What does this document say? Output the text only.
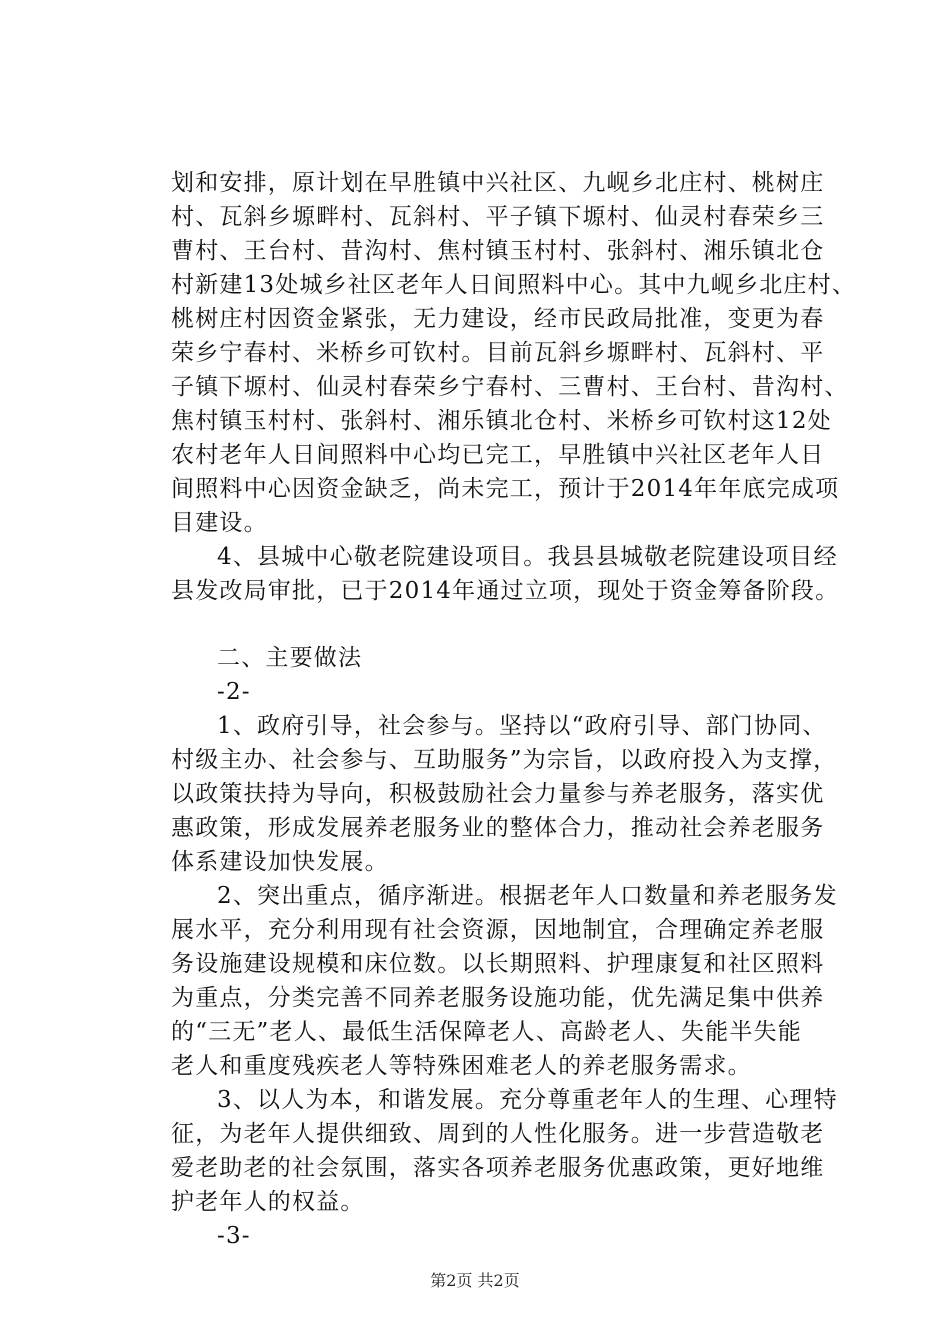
划和安排，原计划在早胜镇中兴社区、九岘乡北庄村、桃树庄
村、瓦斜乡塬畔村、瓦斜村、平子镇下塬村、仙灵村春荣乡三
曹村、王台村、昔沟村、焦村镇玉村村、张斜村、湘乐镇北仓
村新建13处城乡社区老年人日间照料中心。其中九岘乡北庄村、
桃树庄村因资金紧张，无力建设，经市民政局批准，变更为春
荣乡宁春村、米桥乡可钦村。目前瓦斜乡塬畔村、瓦斜村、平
子镇下塬村、仙灵村春荣乡宁春村、三曹村、王台村、昔沟村、
焦村镇玉村村、张斜村、湘乐镇北仓村、米桥乡可钦村这12处
农村老年人日间照料中心均已完工，早胜镇中兴社区老年人日
间照料中心因资金缺乏，尚未完工，预计于2014年年底完成项
目建设。
4、县城中心敬老院建设项目。我县县城敬老院建设项目经
县发改局审批，已于2014年通过立项，现处于资金筹备阶段。
二、主要做法
-2-
1、政府引导，社会参与。坚持以“政府引导、部门协同、
村级主办、社会参与、互助服务”为宗旨，以政府投入为支撑，
以政策扶持为导向，积极鼓励社会力量参与养老服务，落实优
惠政策，形成发展养老服务业的整体合力，推动社会养老服务
体系建设加快发展。
2、突出重点，循序渐进。根据老年人口数量和养老服务发
展水平，充分利用现有社会资源，因地制宜，合理确定养老服
务设施建设规模和床位数。以长期照料、护理康复和社区照料
为重点，分类完善不同养老服务设施功能，优先满足集中供养
的“三无”老人、最低生活保障老人、高龄老人、失能半失能
老人和重度残疾老人等特殊困难老人的养老服务需求。
3、以人为本，和谐发展。充分尊重老年人的生理、心理特
征，为老年人提供细致、周到的人性化服务。进一步营造敬老
爱老助老的社会氛围，落实各项养老服务优惠政策，更好地维
护老年人的权益。
-3-
第2页 共2页
